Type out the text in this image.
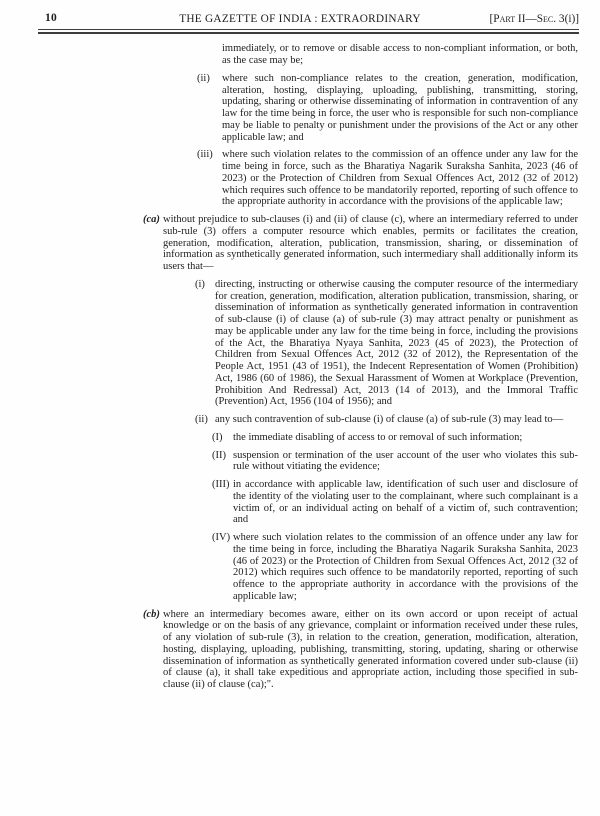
10	THE GAZETTE OF INDIA : EXTRAORDINARY	[Part II—Sec. 3(i)]
immediately, or to remove or disable access to non-compliant information, or both, as the case may be;
(ii) where such non-compliance relates to the creation, generation, modification, alteration, hosting, displaying, uploading, publishing, transmitting, storing, updating, sharing or otherwise disseminating of information in contravention of any law for the time being in force, the user who is responsible for such non-compliance may be liable to penalty or punishment under the provisions of the Act or any other applicable law; and
(iii) where such violation relates to the commission of an offence under any law for the time being in force, such as the Bharatiya Nagarik Suraksha Sanhita, 2023 (46 of 2023) or the Protection of Children from Sexual Offences Act, 2012 (32 of 2012) which requires such offence to be mandatorily reported, reporting of such offence to the appropriate authority in accordance with the provisions of the applicable law;
(ca) without prejudice to sub-clauses (i) and (ii) of clause (c), where an intermediary referred to under sub-rule (3) offers a computer resource which enables, permits or facilitates the creation, generation, modification, alteration, publication, transmission, sharing, or dissemination of information as synthetically generated information, such intermediary shall additionally inform its users that—
(i) directing, instructing or otherwise causing the computer resource of the intermediary for creation, generation, modification, alteration publication, transmission, sharing, or dissemination of information as synthetically generated information in contravention of sub-clause (i) of clause (a) of sub-rule (3) may attract penalty or punishment as may be applicable under any law for the time being in force, including the provisions of the Act, the Bharatiya Nyaya Sanhita, 2023 (45 of 2023), the Protection of Children from Sexual Offences Act, 2012 (32 of 2012), the Representation of the People Act, 1951 (43 of 1951), the Indecent Representation of Women (Prohibition) Act, 1986 (60 of 1986), the Sexual Harassment of Women at Workplace (Prevention, Prohibition And Redressal) Act, 2013 (14 of 2013), and the Immoral Traffic (Prevention) Act, 1956 (104 of 1956); and
(ii) any such contravention of sub-clause (i) of clause (a) of sub-rule (3) may lead to—
(I) the immediate disabling of access to or removal of such information;
(II) suspension or termination of the user account of the user who violates this sub-rule without vitiating the evidence;
(III) in accordance with applicable law, identification of such user and disclosure of the identity of the violating user to the complainant, where such complainant is a victim of, or an individual acting on behalf of a victim of, such contravention; and
(IV) where such violation relates to the commission of an offence under any law for the time being in force, including the Bharatiya Nagarik Suraksha Sanhita, 2023 (46 of 2023) or the Protection of Children from Sexual Offences Act, 2012 (32 of 2012) which requires such offence to be mandatorily reported, reporting of such offence to the appropriate authority in accordance with the provisions of the applicable law;
(cb) where an intermediary becomes aware, either on its own accord or upon receipt of actual knowledge or on the basis of any grievance, complaint or information received under these rules, of any violation of sub-rule (3), in relation to the creation, generation, modification, alteration, hosting, displaying, uploading, publishing, transmitting, storing, updating, sharing or otherwise dissemination of information as synthetically generated information covered under sub-clause (ii) of clause (a), it shall take expeditious and appropriate action, including those specified in sub-clause (ii) of clause (ca);".
